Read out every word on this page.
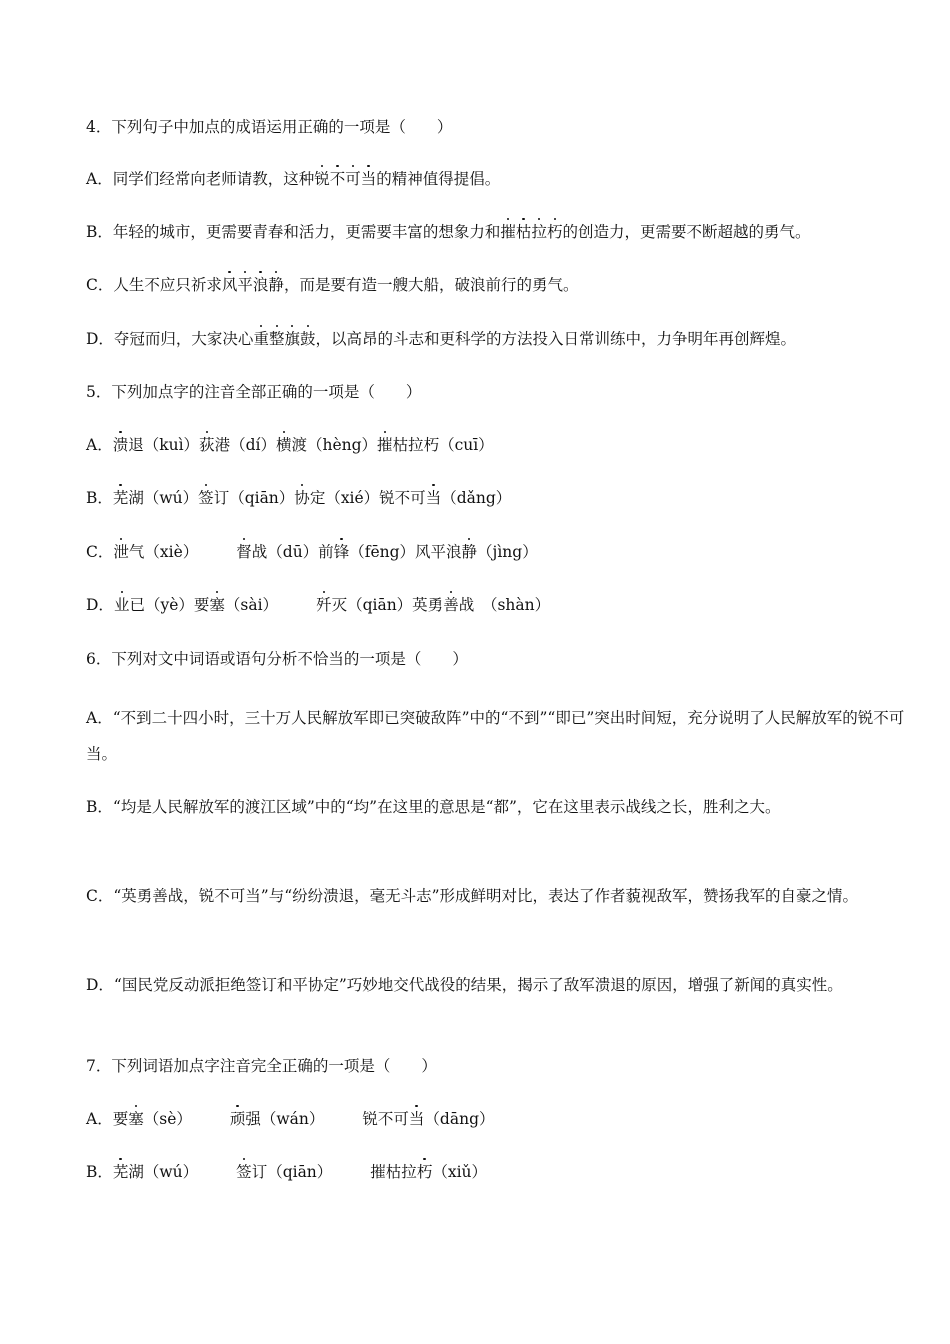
4．下列句子中加点的成语运用正确的一项是（　　）
A．同学们经常向老师请教，这种锐不可当的精神值得提倡。
B．年轻的城市，更需要青春和活力，更需要丰富的想象力和摧枯拉朽的创造力，更需要不断超越的勇气。
C．人生不应只祈求风平浪静，而是要有造一艘大船，破浪前行的勇气。
D．夺冠而归，大家决心重整旗鼓，以高昂的斗志和更科学的方法投入日常训练中，力争明年再创辉煌。
5．下列加点字的注音全部正确的一项是（　　）
A．溃退（kuì）荻港（dí）横渡（hèng）摧枯拉朽（cuī）
B．芜湖（wú）签订（qiān）协定（xié）锐不可当（dǎng）
C．泄气（xiè） 督战（dū）前锋（fēng）风平浪静（jìng）
D．业已（yè）要塞（sài） 歼灭（qiān）英勇善战　（shàn）
6．下列对文中词语或语句分析不恰当的一项是（　　）
A．“不到二十四小时，三十万人民解放军即已突破敌阵”中的“不到”“即已”突出时间短，充分说明了人民解放军的锐不可当。
B．“均是人民解放军的渡江区域”中的“均”在这里的意思是“都”，它在这里表示战线之长，胜利之大。
C．“英勇善战，锐不可当”与“纷纷溃退，毫无斗志”形成鲜明对比，表达了作者藐视敌军，赞扬我军的自豪之情。
D．“国民党反动派拒绝签订和平协定”巧妙地交代战役的结果，揭示了敌军溃退的原因，增强了新闻的真实性。
7．下列词语加点字注音完全正确的一项是（　　）
A．要塞（sè） 顽强（wán） 锐不可当（dāng）
B．芜湖（wú） 签订（qiān） 摧枯拉朽（xiǔ）
